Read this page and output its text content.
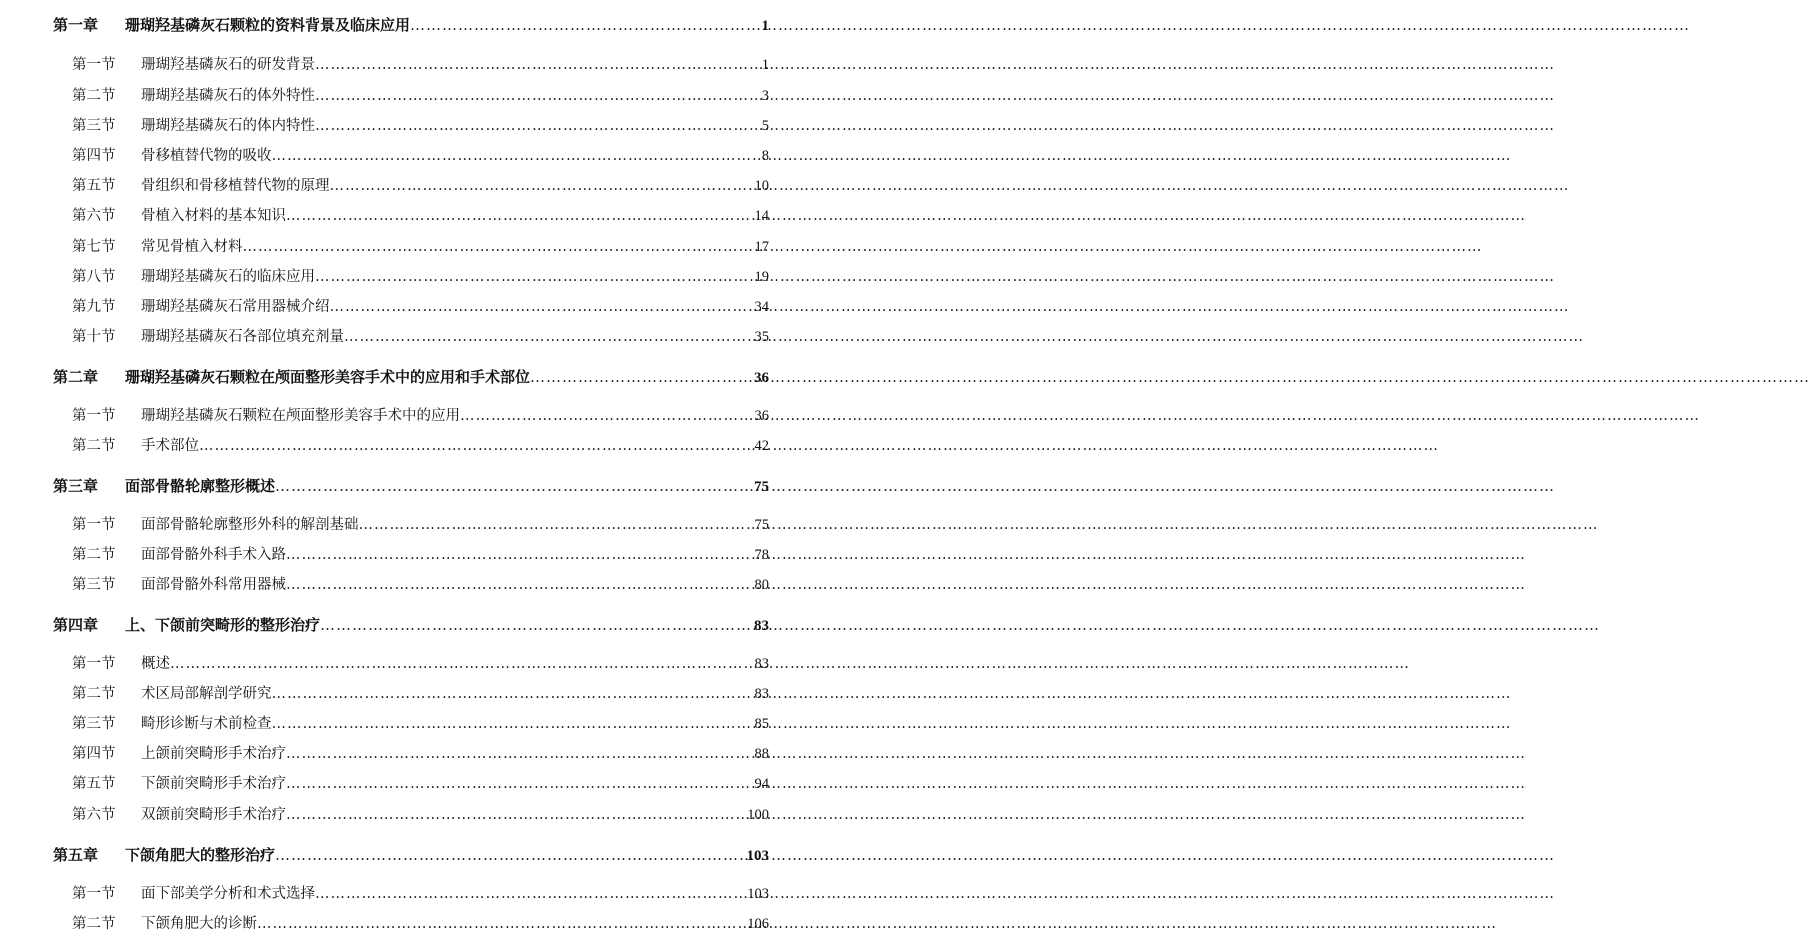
第一章	珊瑚羟基磷灰石颗粒的资料背景及临床应用 ……………………………………………………………………………………………………………………………………………………………………………………………………………………	1
第一节	珊瑚羟基磷灰石的研发背景 ……………………………………………………………………………………………………………………………………………………………………………………………………………………	1
第二节	珊瑚羟基磷灰石的体外特性 ……………………………………………………………………………………………………………………………………………………………………………………………………………………	3
第三节	珊瑚羟基磷灰石的体内特性 ……………………………………………………………………………………………………………………………………………………………………………………………………………………	5
第四节	骨移植替代物的吸收 ……………………………………………………………………………………………………………………………………………………………………………………………………………………	8
第五节	骨组织和骨移植替代物的原理 ……………………………………………………………………………………………………………………………………………………………………………………………………………………	10
第六节	骨植入材料的基本知识 ……………………………………………………………………………………………………………………………………………………………………………………………………………………	14
第七节	常见骨植入材料 ……………………………………………………………………………………………………………………………………………………………………………………………………………………	17
第八节	珊瑚羟基磷灰石的临床应用 ……………………………………………………………………………………………………………………………………………………………………………………………………………………	19
第九节	珊瑚羟基磷灰石常用器械介绍 ……………………………………………………………………………………………………………………………………………………………………………………………………………………	34
第十节	珊瑚羟基磷灰石各部位填充剂量 ……………………………………………………………………………………………………………………………………………………………………………………………………………………	35
第二章	珊瑚羟基磷灰石颗粒在颅面整形美容手术中的应用和手术部位 ……………………………………………………………………………………………………………………………………………………………………………………………………………………	36
第一节	珊瑚羟基磷灰石颗粒在颅面整形美容手术中的应用 ……………………………………………………………………………………………………………………………………………………………………………………………………………………	36
第二节	手术部位 ……………………………………………………………………………………………………………………………………………………………………………………………………………………	42
第三章	面部骨骼轮廓整形概述 ……………………………………………………………………………………………………………………………………………………………………………………………………………………	75
第一节	面部骨骼轮廓整形外科的解剖基础 ……………………………………………………………………………………………………………………………………………………………………………………………………………………	75
第二节	面部骨骼外科手术入路 ……………………………………………………………………………………………………………………………………………………………………………………………………………………	78
第三节	面部骨骼外科常用器械 ……………………………………………………………………………………………………………………………………………………………………………………………………………………	80
第四章	上、下颌前突畸形的整形治疗 ……………………………………………………………………………………………………………………………………………………………………………………………………………………	83
第一节	概述 ……………………………………………………………………………………………………………………………………………………………………………………………………………………	83
第二节	术区局部解剖学研究 ……………………………………………………………………………………………………………………………………………………………………………………………………………………	83
第三节	畸形诊断与术前检查 ……………………………………………………………………………………………………………………………………………………………………………………………………………………	85
第四节	上颌前突畸形手术治疗 ……………………………………………………………………………………………………………………………………………………………………………………………………………………	88
第五节	下颌前突畸形手术治疗 ……………………………………………………………………………………………………………………………………………………………………………………………………………………	94
第六节	双颌前突畸形手术治疗 ……………………………………………………………………………………………………………………………………………………………………………………………………………………	100
第五章	下颌角肥大的整形治疗 ……………………………………………………………………………………………………………………………………………………………………………………………………………………	103
第一节	面下部美学分析和术式选择 ……………………………………………………………………………………………………………………………………………………………………………………………………………………	103
第二节	下颌角肥大的诊断 ……………………………………………………………………………………………………………………………………………………………………………………………………………………	106
